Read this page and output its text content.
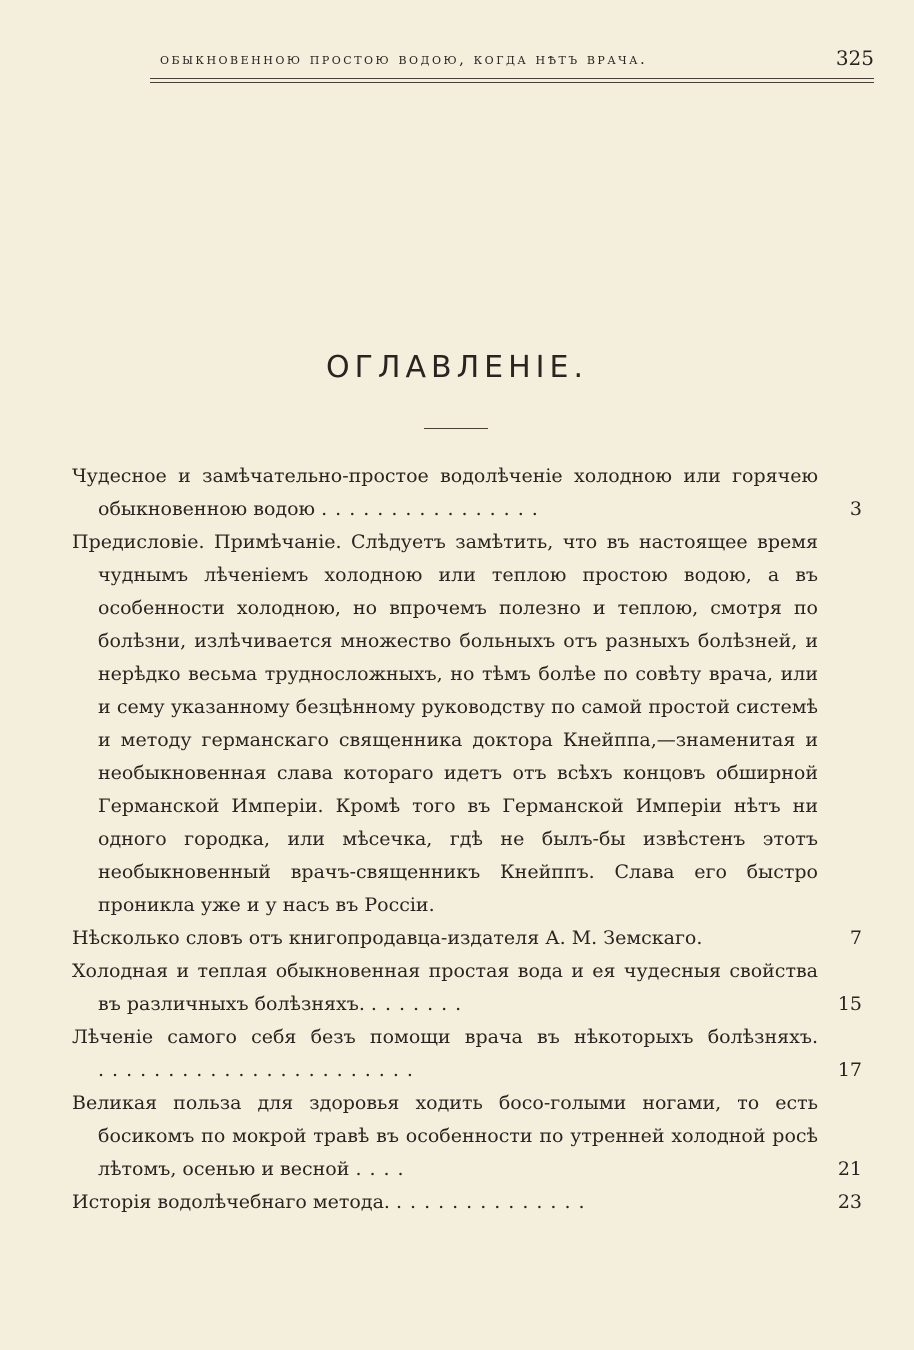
обыкновенною простою водою, когда нѣтъ врача.	325
ОГЛАВЛЕНІЕ.
Чудесное и замѣчательно-простое водолѣченіе холодною или горячею обыкновенною водою ................	3
Предисловіе. Примѣчаніе. Слѣдуетъ замѣтить, что въ настоящее время чуднымъ лѣченіемъ холодною или теплою простою водою, а въ особенности холодною, но впрочемъ полезно и теплою, смотря по болѣзни, излѣчивается множество больныхъ отъ разныхъ болѣзней, и нерѣдко весьма трудносложныхъ, но тѣмъ болѣе по совѣту врача, или и сему указанному безцѣнному руководству по самой простой системѣ и методу германскаго священника доктора Кнейппа,—знаменитая и необыкновенная слава котораго идетъ отъ всѣхъ концовъ обширной Германской Имперіи. Кромѣ того въ Германской Имперіи нѣтъ ни одного городка, или мѣсечка, гдѣ не былъ-бы извѣстенъ этотъ необыкновенный врачъ-священникъ Кнейппъ. Слава его быстро проникла уже и у насъ въ Россіи.
Нѣсколько словъ отъ книгопродавца-издателя А. М. Земскаго.	7
Холодная и теплая обыкновенная простая вода и ея чудесныя свойства въ различныхъ болѣзняхъ. .......	15
Лѣченіе самого себя безъ помощи врача въ нѣкоторыхъ болѣзняхъ. .......................	17
Великая польза для здоровья ходить босо-голыми ногами, то есть босикомъ по мокрой травѣ въ особенности по утренней холодной росѣ лѣтомъ, осенью и весной ....	21
Исторія водолѣчебнаго метода. ..............	23
